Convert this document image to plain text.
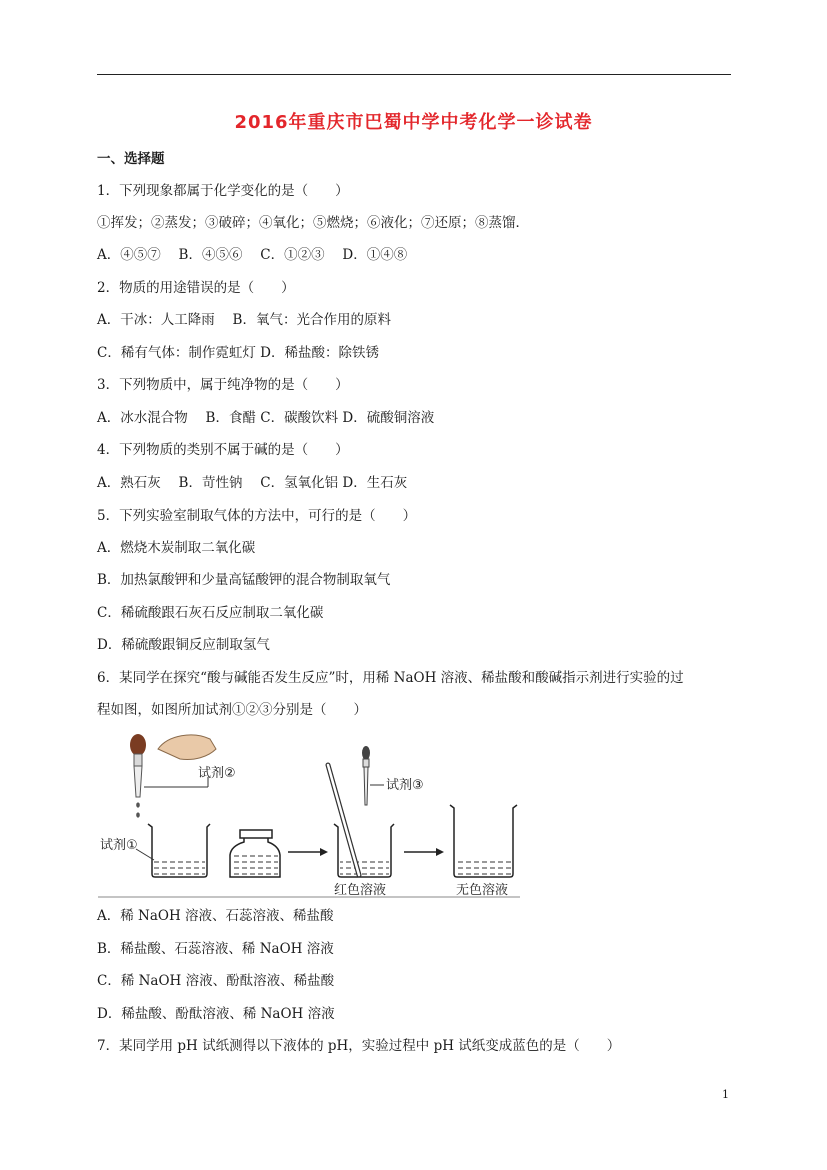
2016年重庆市巴蜀中学中考化学一诊试卷
一、选择题
1．下列现象都属于化学变化的是（　　）
①挥发；②蒸发；③破碎；④氧化；⑤燃烧；⑥液化；⑦还原；⑧蒸馏．
A．④⑤⑦　 B．④⑤⑥　 C．①②③　 D．①④⑧
2．物质的用途错误的是（　　）
A．干冰：人工降雨　 B．氧气：光合作用的原料
C．稀有气体：制作霓虹灯 D．稀盐酸：除铁锈
3．下列物质中，属于纯净物的是（　　）
A．冰水混合物　 B．食醋 C．碳酸饮料 D．硫酸铜溶液
4．下列物质的类别不属于碱的是（　　）
A．熟石灰　 B．苛性钠　 C．氢氧化铝 D．生石灰
5．下列实验室制取气体的方法中，可行的是（　　）
A．燃烧木炭制取二氧化碳
B．加热氯酸钾和少量高锰酸钾的混合物制取氧气
C．稀硫酸跟石灰石反应制取二氧化碳
D．稀硫酸跟铜反应制取氢气
6．某同学在探究“酸与碱能否发生反应”时，用稀 NaOH 溶液、稀盐酸和酸碱指示剂进行实验的过
程如图，如图所加试剂①②③分别是（　　）
试剂②
试剂①
试剂③
红色溶液	无色溶液
A．稀 NaOH 溶液、石蕊溶液、稀盐酸
B．稀盐酸、石蕊溶液、稀 NaOH 溶液
C．稀 NaOH 溶液、酚酞溶液、稀盐酸
D．稀盐酸、酚酞溶液、稀 NaOH 溶液
7．某同学用 pH 试纸测得以下液体的 pH，实验过程中 pH 试纸变成蓝色的是（　　）
1
